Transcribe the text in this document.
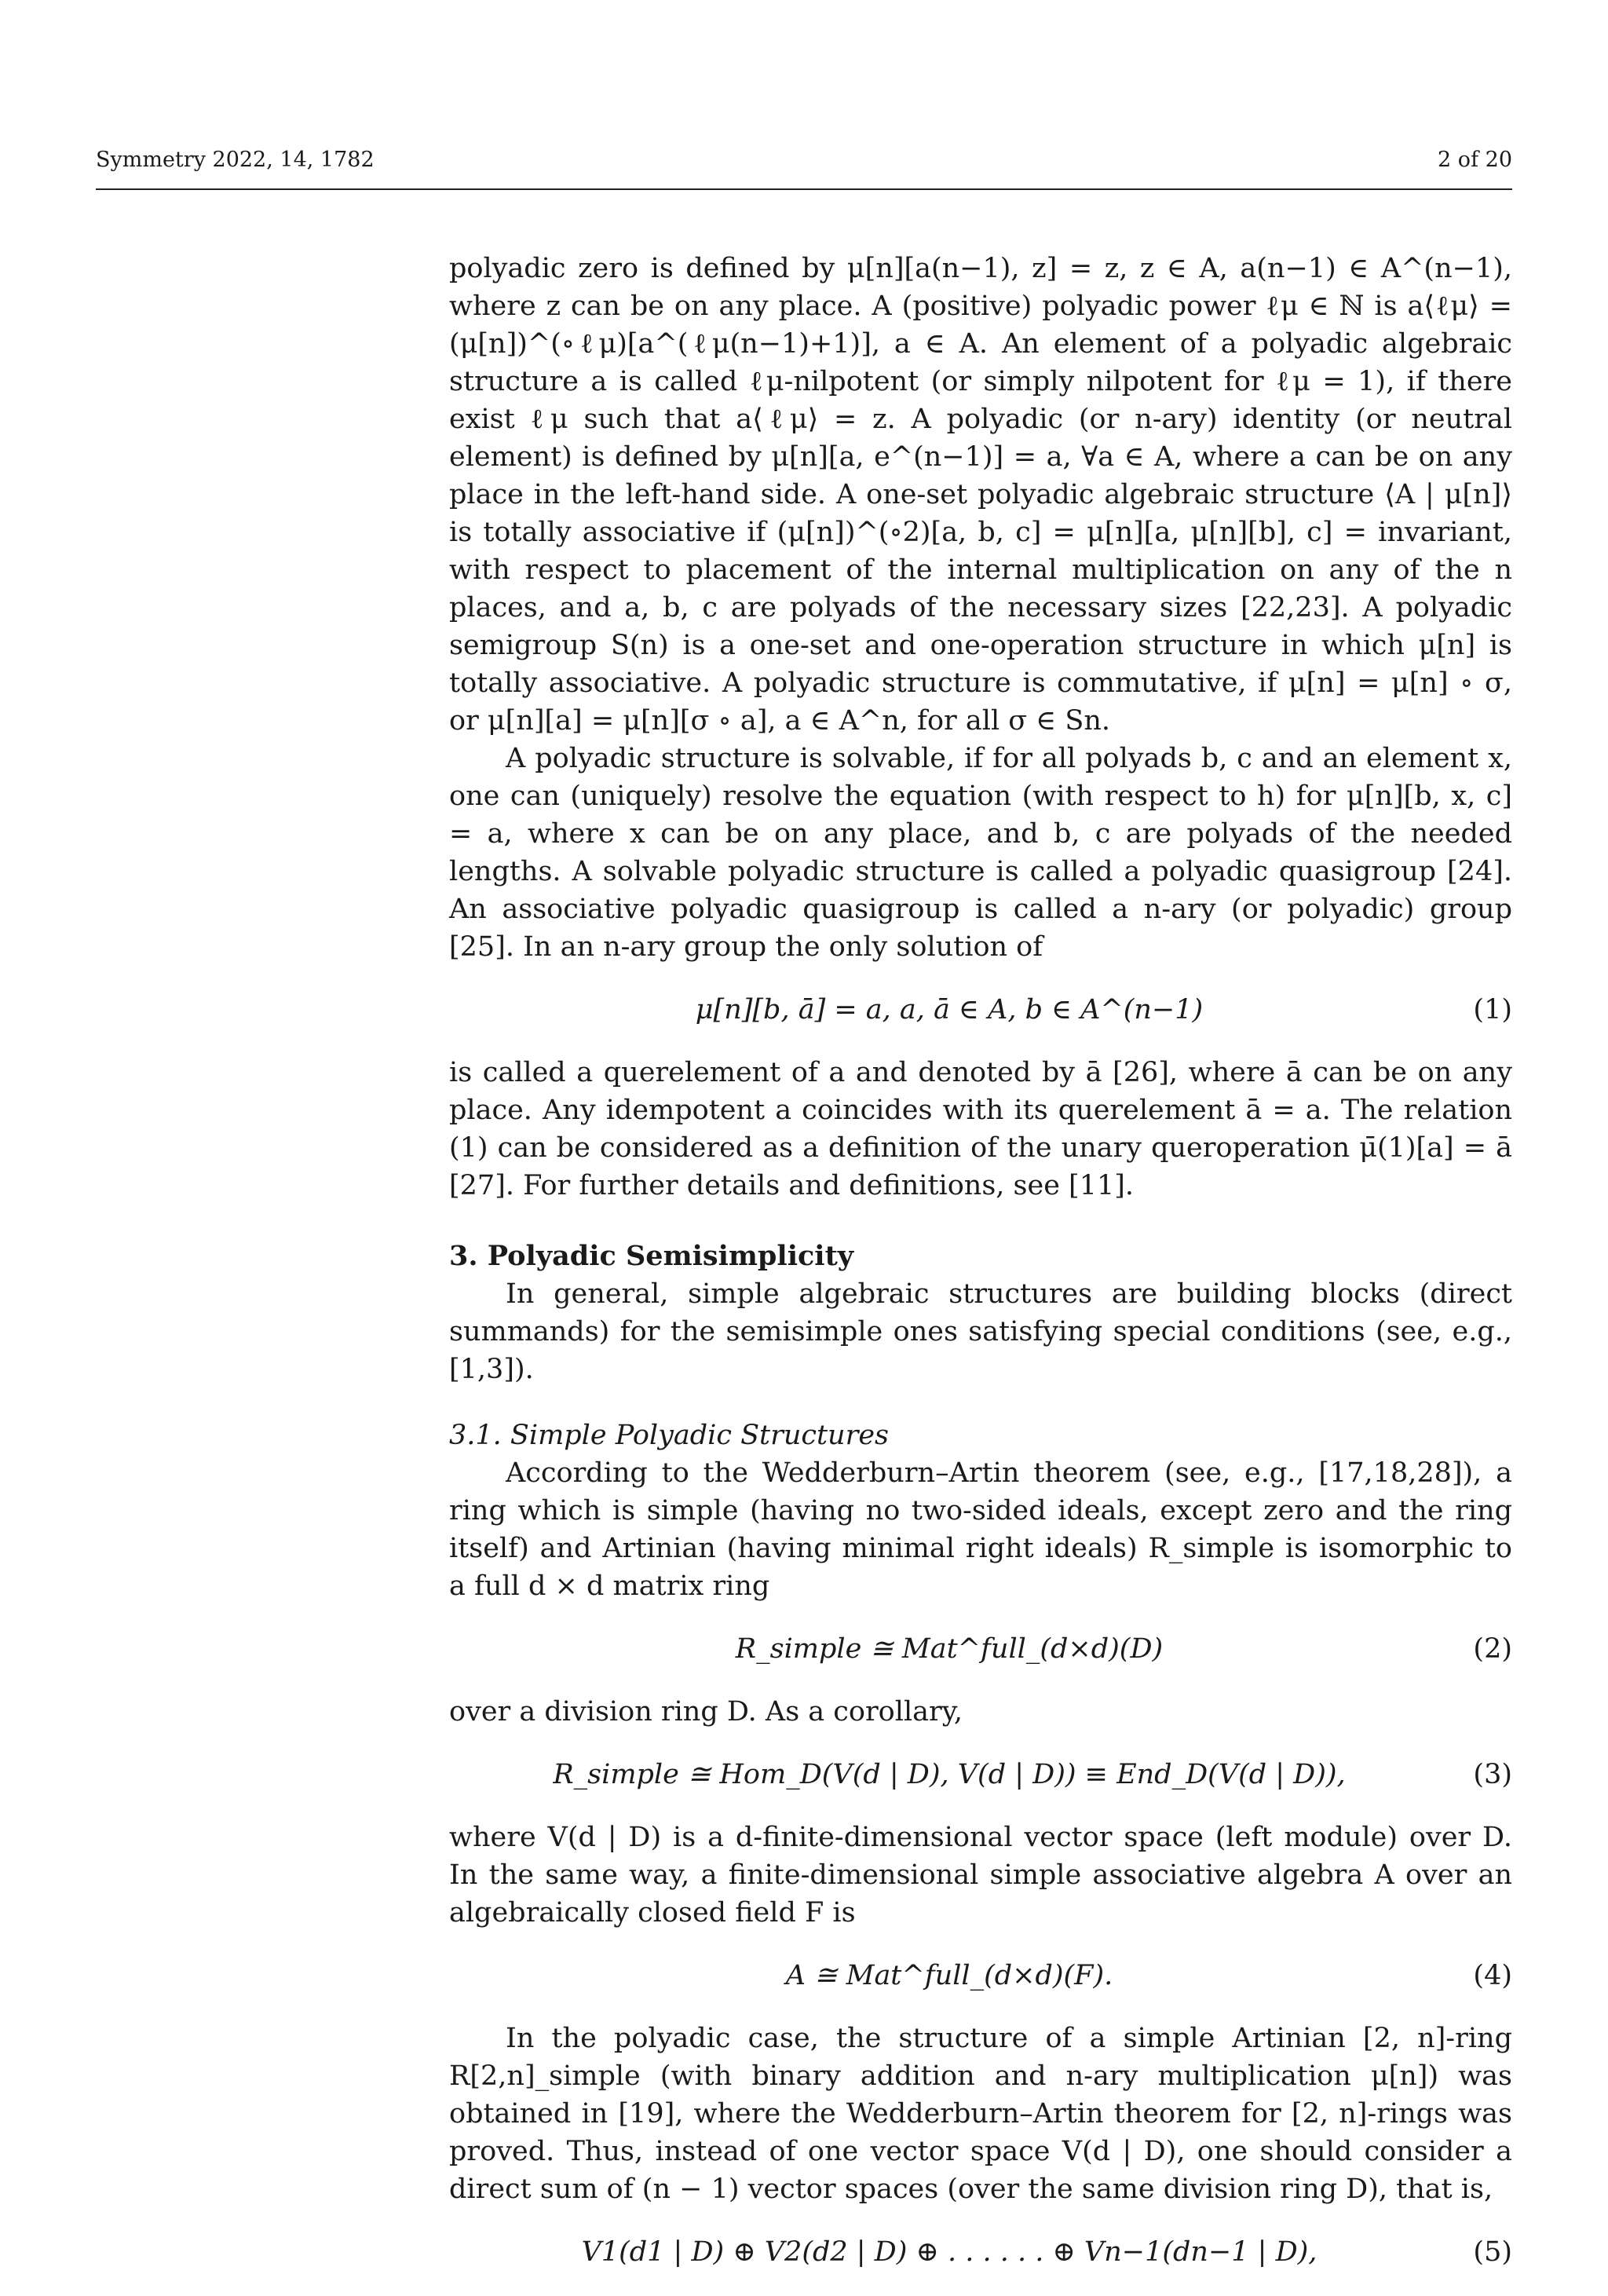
Symmetry 2022, 14, 1782	2 of 20

polyadic zero is defined by μ[n][a(n−1), z] = z, z ∈ A, a(n−1) ∈ A^(n−1), where z can be on any place. A (positive) polyadic power ℓμ ∈ ℕ is a⟨ℓμ⟩ = (μ[n])^(∘ℓμ)[a^(ℓμ(n−1)+1)], a ∈ A. An element of a polyadic algebraic structure a is called ℓμ-nilpotent (or simply nilpotent for ℓμ = 1), if there exist ℓμ such that a⟨ℓμ⟩ = z. A polyadic (or n-ary) identity (or neutral element) is defined by μ[n][a, e^(n−1)] = a, ∀a ∈ A, where a can be on any place in the left-hand side. A one-set polyadic algebraic structure ⟨A | μ[n]⟩ is totally associative if (μ[n])^(∘2)[a, b, c] = μ[n][a, μ[n][b], c] = invariant, with respect to placement of the internal multiplication on any of the n places, and a, b, c are polyads of the necessary sizes [22,23]. A polyadic semigroup S(n) is a one-set and one-operation structure in which μ[n] is totally associative. A polyadic structure is commutative, if μ[n] = μ[n] ∘ σ, or μ[n][a] = μ[n][σ ∘ a], a ∈ A^n, for all σ ∈ Sn.

A polyadic structure is solvable, if for all polyads b, c and an element x, one can (uniquely) resolve the equation (with respect to h) for μ[n][b, x, c] = a, where x can be on any place, and b, c are polyads of the needed lengths. A solvable polyadic structure is called a polyadic quasigroup [24]. An associative polyadic quasigroup is called a n-ary (or polyadic) group [25]. In an n-ary group the only solution of

μ[n][b, ā] = a, a, ā ∈ A, b ∈ A^(n−1)	(1)

is called a querelement of a and denoted by ā [26], where ā can be on any place. Any idempotent a coincides with its querelement ā = a. The relation (1) can be considered as a definition of the unary queroperation μ̄(1)[a] = ā [27]. For further details and definitions, see [11].

3. Polyadic Semisimplicity

In general, simple algebraic structures are building blocks (direct summands) for the semisimple ones satisfying special conditions (see, e.g., [1,3]).

3.1. Simple Polyadic Structures

According to the Wedderburn–Artin theorem (see, e.g., [17,18,28]), a ring which is simple (having no two-sided ideals, except zero and the ring itself) and Artinian (having minimal right ideals) R_simple is isomorphic to a full d × d matrix ring

R_simple ≅ Mat^full_(d×d)(D)	(2)

over a division ring D. As a corollary,

R_simple ≅ Hom_D(V(d | D), V(d | D)) ≡ End_D(V(d | D)),	(3)

where V(d | D) is a d-finite-dimensional vector space (left module) over D. In the same way, a finite-dimensional simple associative algebra A over an algebraically closed field F is

A ≅ Mat^full_(d×d)(F).	(4)

In the polyadic case, the structure of a simple Artinian [2, n]-ring R[2,n]_simple (with binary addition and n-ary multiplication μ[n]) was obtained in [19], where the Wedderburn–Artin theorem for [2, n]-rings was proved. Thus, instead of one vector space V(d | D), one should consider a direct sum of (n − 1) vector spaces (over the same division ring D), that is,

V1(d1 | D) ⊕ V2(d2 | D) ⊕ . . . . . . ⊕ Vn−1(dn−1 | D),	(5)
